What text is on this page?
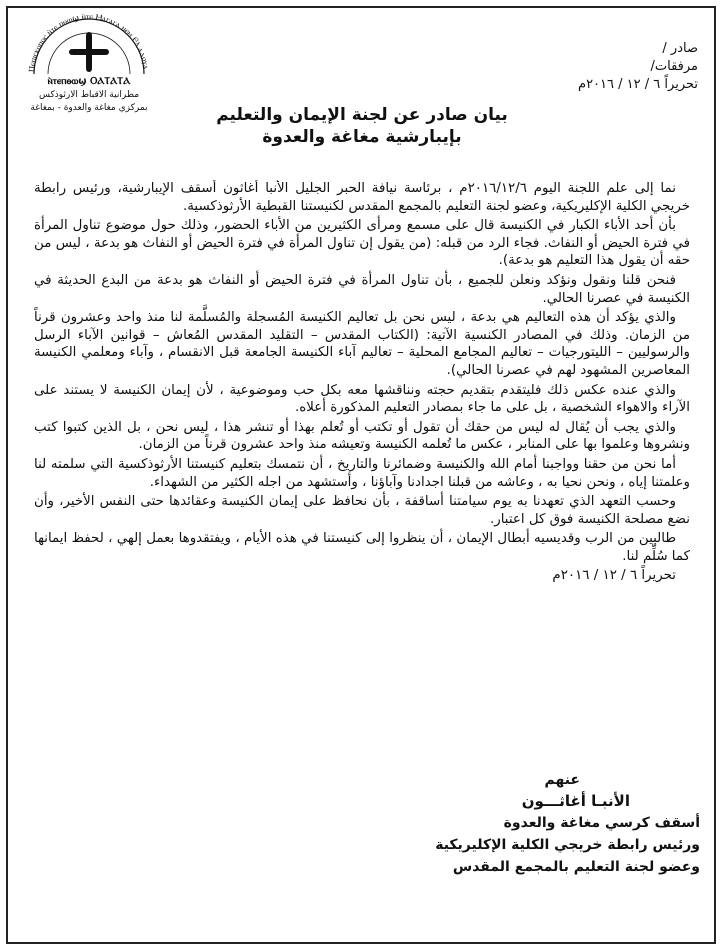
Ⲡⲉⲡⲓⲥⲕⲟⲡⲟⲥ ⲛ̀ⲧⲉ ⲡⲑⲱϣ ⲛ̀ⲧⲉ Ⲙⲁⲅⲁⲅⲁ ⲛⲉⲙ Ⲉⲗ ⲁⲇⲟⲩⲁ
ⲛ̀ⲧⲉⲡⲑⲱϣ ⲞⲀⲦⲀⲦⲀ
مطرانية الأقباط الأرثوذكس
بمركزي مغاغة والعدوة - بمغاغة
صادر /
مرفقات/
تحريراً ٦ / ١٢ / ٢٠١٦م
بيان صادر عن لجنة الإيمان والتعليم
بإيبارشية مغاغة والعدوة

نما إلى علم اللجنة اليوم ٢٠١٦/١٢/٦م ، برئاسة نيافة الحبر الجليل الأنبا أغاثون أسقف الإيبارشية، ورئيس رابطة خريجي الكلية الإكليريكية، وعضو لجنة التعليم بالمجمع المقدس لكنيستنا القبطية الأرثوذكسية.

بأن أحد الأباء الكبار في الكنيسة قال على مسمع ومرأى الكثيرين من الأباء الحضور، وذلك حول موضوع تناول المرأة في فترة الحيض أو النفاث. فجاء الرد من قبله: (من يقول إن تناول المرأة في فترة الحيض أو النفاث هو بدعة ، ليس من حقه أن يقول هذا التعليم هو بدعة).

فنحن قلنا ونقول ونؤكد ونعلن للجميع ، بأن تناول المرأة في فترة الحيض أو النفاث هو بدعة من البدع الحديثة في الكنيسة في عصرنا الحالي.

والذي يؤكد أن هذه التعاليم هي بدعة ، ليس نحن بل تعاليم الكنيسة المُسجلة والمُسلَّمة لنا منذ واحد وعشرون قرناً من الزمان. وذلك في المصادر الكنسية الآتية: (الكتاب المقدس – التقليد المقدس المُعاش – قوانين الآباء الرسل والرسوليين – الليتورجيات – تعاليم المجامع المحلية – تعاليم آباء الكنيسة الجامعة قبل الانقسام ، وآباء ومعلمي الكنيسة المعاصرين المشهود لهم في عصرنا الحالي).

والذي عنده عكس ذلك فليتقدم بتقديم حجته ونناقشها معه بكل حب وموضوعية ، لأن إيمان الكنيسة لا يستند على الآراء والاهواء الشخصية ، بل على ما جاء بمصادر التعليم المذكورة أعلاه.

والذي يجب أن يُقال له ليس من حقك أن تقول أو تكتب أو تُعلم بهذا أو تنشر هذا ، ليس نحن ، بل الذين كتبوا كتب ونشروها وعلموا بها على المنابر ، عكس ما تُعلمه الكنيسة وتعيشه منذ واحد عشرون قرناً من الزمان.

أما نحن من حقنا وواجبنا أمام الله والكنيسة وضمائرنا والتاريخ ، أن نتمسك بتعليم كنيستنا الأرثوذكسية التي سلمته لنا وعلمتنا إياه ، ونحن نحيا به ، وعاشه من قبلنا اجدادنا وآباؤنا ، وأستشهد من اجله الكثير من الشهداء.

وحسب التعهد الذي تعهدنا به يوم سيامتنا أساقفة ، بأن نحافظ على إيمان الكنيسة وعقائدها حتى النفس الأخير، وأن نضع مصلحة الكنيسة فوق كل اعتبار.

طالبين من الرب وقديسيه أبطال الإيمان ، أن ينظروا إلى كنيستنا في هذه الأيام ، ويفتقدوها بعمل إلهي ، لحفظ ايمانها كما سُلِّم لنا.

تحريراً ٦ / ١٢ / ٢٠١٦م

عنهم
الأنبـا أغاثـــون
أسقف كرسي مغاغة والعدوة
ورئيس رابطة خريجي الكلية الإكليريكية
وعضو لجنة التعليم بالمجمع المقدس
